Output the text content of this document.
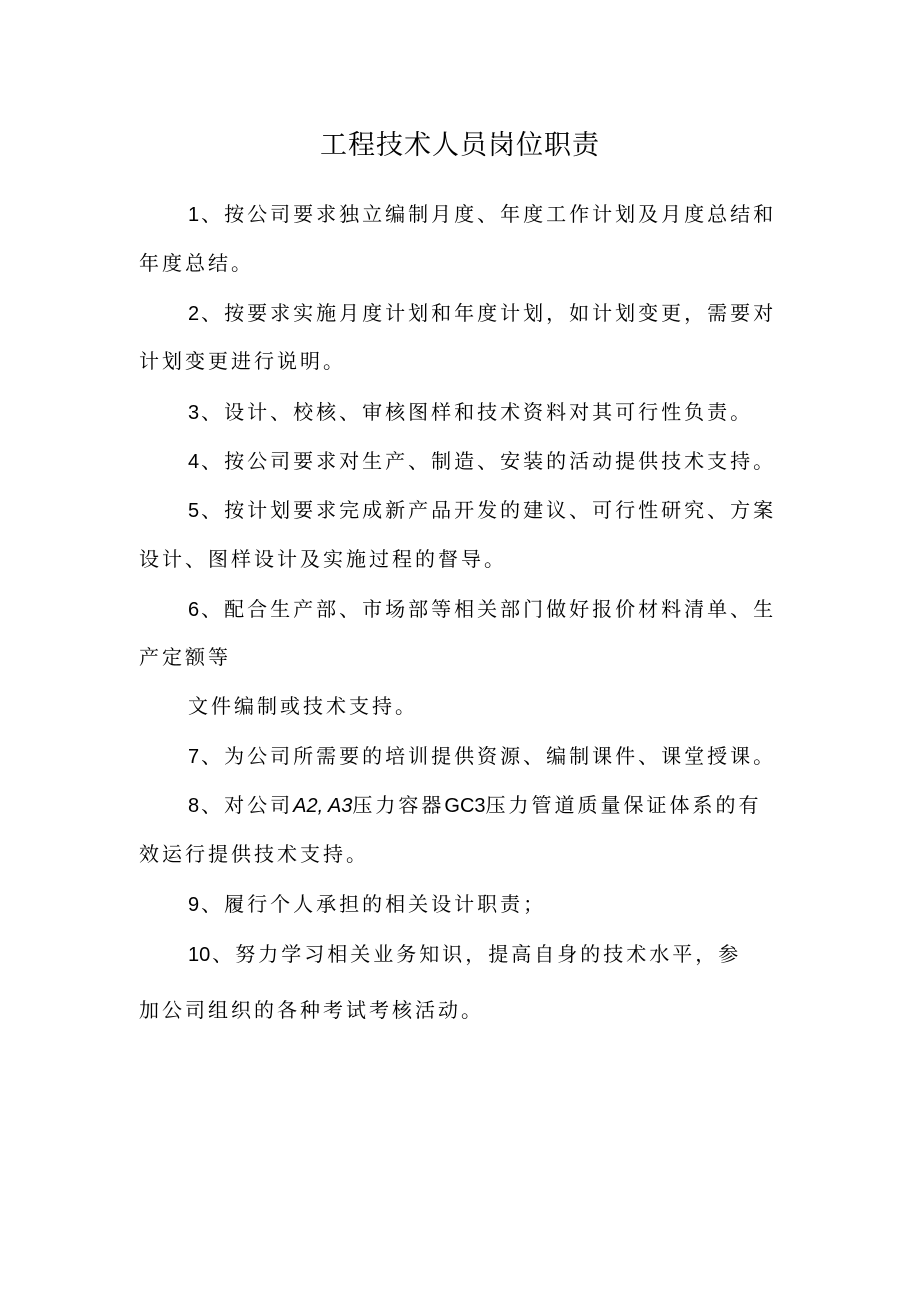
工程技术人员岗位职责
1 、按公司要求独立编制月度、年度工作计划及月度总结和
年度总结。
2 、按要求实施月度计划和年度计划，如计划变更，需要对
计划变更进行说明。
3 、设计、校核、审核图样和技术资料对其可行性负责。
4 、按公司要求对生产、制造、安装的活动提供技术支持。
5 、按计划要求完成新产品开发的建议、可行性研究、方案
设计、图样设计及实施过程的督导。
6 、配合生产部、市场部等相关部门做好报价材料清单、生
产定额等
文件编制或技术支持。
7 、为公司所需要的培训提供资源、编制课件、课堂授课。
8 、对公司A2, A3压力容器GC3压力管道质量保证体系的有
效运行提供技术支持。
9 、履行个人承担的相关设计职责；
10 、努力学习相关业务知识，提高自身的技术水平，参
加公司组织的各种考试考核活动。
